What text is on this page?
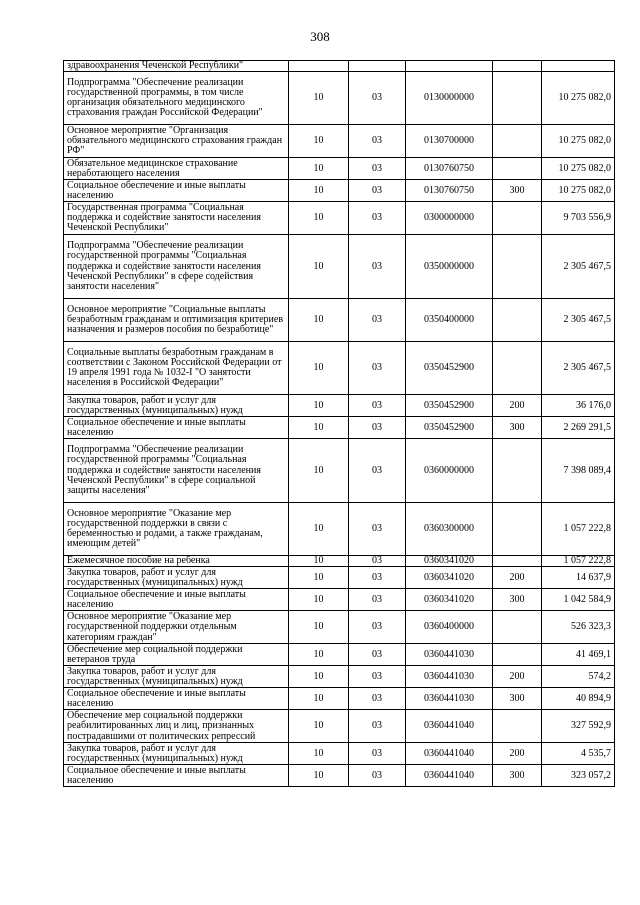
308
здравоохранения Чеченской Республики"					
Подпрограмма "Обеспечение реализации государственной программы, в том числе организация обязательного медицинского страхования граждан Российской Федерации"	10	03	0130000000		10 275 082,0
Основное мероприятие "Организация обязательного медицинского страхования граждан РФ"	10	03	0130700000		10 275 082,0
Обязательное медицинское страхование неработающего населения	10	03	0130760750		10 275 082,0
Социальное обеспечение и иные выплаты населению	10	03	0130760750	300	10 275 082,0
Государственная программа "Социальная поддержка и содействие занятости населения Чеченской Республики"	10	03	0300000000		9 703 556,9
Подпрограмма "Обеспечение реализации государственной программы "Социальная поддержка и содействие занятости населения Чеченской Республики" в сфере содействия занятости населения"	10	03	0350000000		2 305 467,5
Основное мероприятие "Социальные выплаты безработным гражданам и оптимизация критериев назначения и размеров пособия по безработице"	10	03	0350400000		2 305 467,5
Социальные выплаты безработным гражданам в соответствии с Законом Российской Федерации от 19 апреля 1991 года № 1032-I "О занятости населения в Российской Федерации"	10	03	0350452900		2 305 467,5
Закупка товаров, работ и услуг для государственных (муниципальных) нужд	10	03	0350452900	200	36 176,0
Социальное обеспечение и иные выплаты населению	10	03	0350452900	300	2 269 291,5
Подпрограмма "Обеспечение реализации государственной программы "Социальная поддержка и содействие занятости населения Чеченской Республики" в сфере социальной защиты населения"	10	03	0360000000		7 398 089,4
Основное мероприятие "Оказание мер государственной поддержки в связи с беременностью и родами, а также гражданам, имеющим детей"	10	03	0360300000		1 057 222,8
Ежемесячное пособие на ребенка	10	03	0360341020		1 057 222,8
Закупка товаров, работ и услуг для государственных (муниципальных) нужд	10	03	0360341020	200	14 637,9
Социальное обеспечение и иные выплаты населению	10	03	0360341020	300	1 042 584,9
Основное мероприятие "Оказание мер государственной поддержки отдельным категориям граждан"	10	03	0360400000		526 323,3
Обеспечение мер социальной поддержки ветеранов труда	10	03	0360441030		41 469,1
Закупка товаров, работ и услуг для государственных (муниципальных) нужд	10	03	0360441030	200	574,2
Социальное обеспечение и иные выплаты населению	10	03	0360441030	300	40 894,9
Обеспечение мер социальной поддержки реабилитированных лиц и лиц, признанных пострадавшими от политических репрессий	10	03	0360441040		327 592,9
Закупка товаров, работ и услуг для государственных (муниципальных) нужд	10	03	0360441040	200	4 535,7
Социальное обеспечение и иные выплаты населению	10	03	0360441040	300	323 057,2
